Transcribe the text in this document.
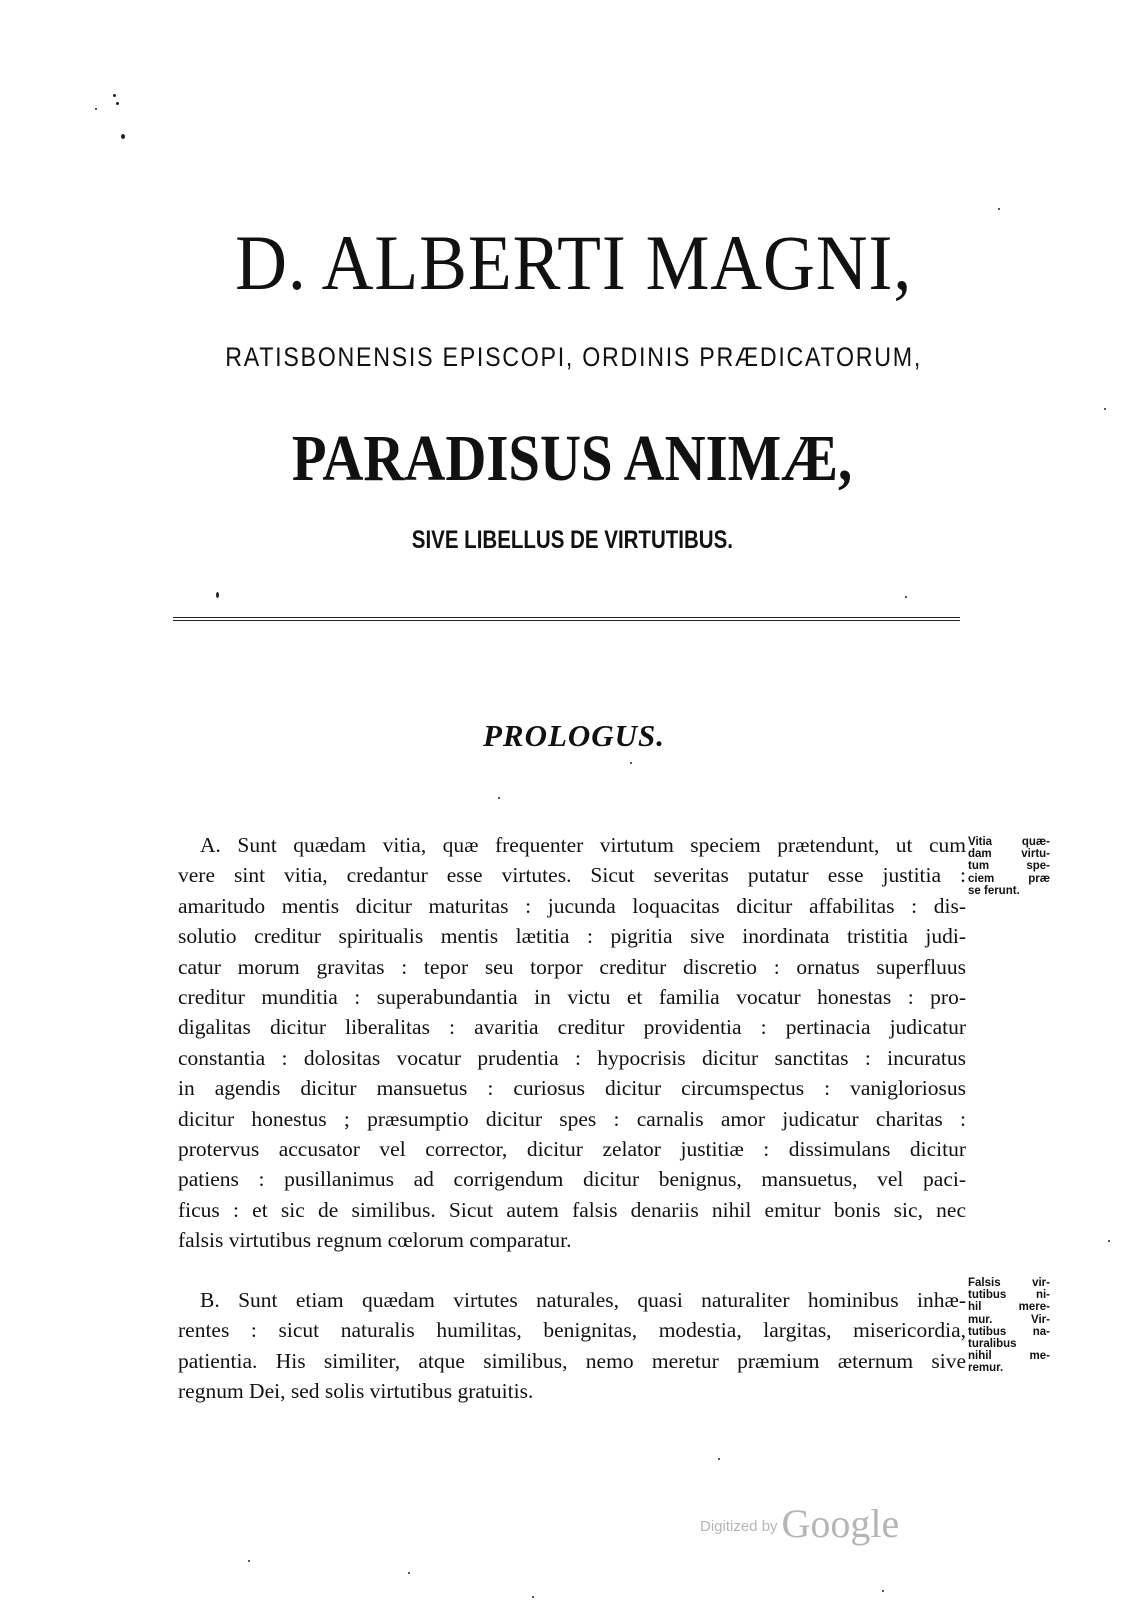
D. ALBERTI MAGNI,
RATISBONENSIS EPISCOPI, ORDINIS PRÆDICATORUM,
PARADISUS ANIMÆ,
SIVE LIBELLUS DE VIRTUTIBUS.
PROLOGUS.
A. Sunt quædam vitia, quæ frequenter virtutum speciem prætendunt, ut cum
vere sint vitia, credantur esse virtutes. Sicut severitas putatur esse justitia :
amaritudo mentis dicitur maturitas : jucunda loquacitas dicitur affabilitas : dis-
solutio creditur spiritualis mentis lætitia : pigritia sive inordinata tristitia judi-
catur morum gravitas : tepor seu torpor creditur discretio : ornatus superfluus
creditur munditia : superabundantia in victu et familia vocatur honestas : pro-
digalitas dicitur liberalitas : avaritia creditur providentia : pertinacia judicatur
constantia : dolositas vocatur prudentia : hypocrisis dicitur sanctitas : incuratus
in agendis dicitur mansuetus : curiosus dicitur circumspectus : vanigloriosus
dicitur honestus ; præsumptio dicitur spes : carnalis amor judicatur charitas :
protervus accusator vel corrector, dicitur zelator justitiæ : dissimulans dicitur
patiens : pusillanimus ad corrigendum dicitur benignus, mansuetus, vel paci-
ficus : et sic de similibus. Sicut autem falsis denariis nihil emitur bonis sic, nec
falsis virtutibus regnum cœlorum comparatur.
Vitia quæ-
dam virtu-
tum spe-
ciem præ
se ferunt.
B. Sunt etiam quædam virtutes naturales, quasi naturaliter hominibus inhæ-
rentes : sicut naturalis humilitas, benignitas, modestia, largitas, misericordia,
patientia. His similiter, atque similibus, nemo meretur præmium æternum sive
regnum Dei, sed solis virtutibus gratuitis.
Falsis vir-
tutibus ni-
hil mere-
mur. Vir-
tutibus na-
turalibus
nihil me-
remur.
Digitized by Google
